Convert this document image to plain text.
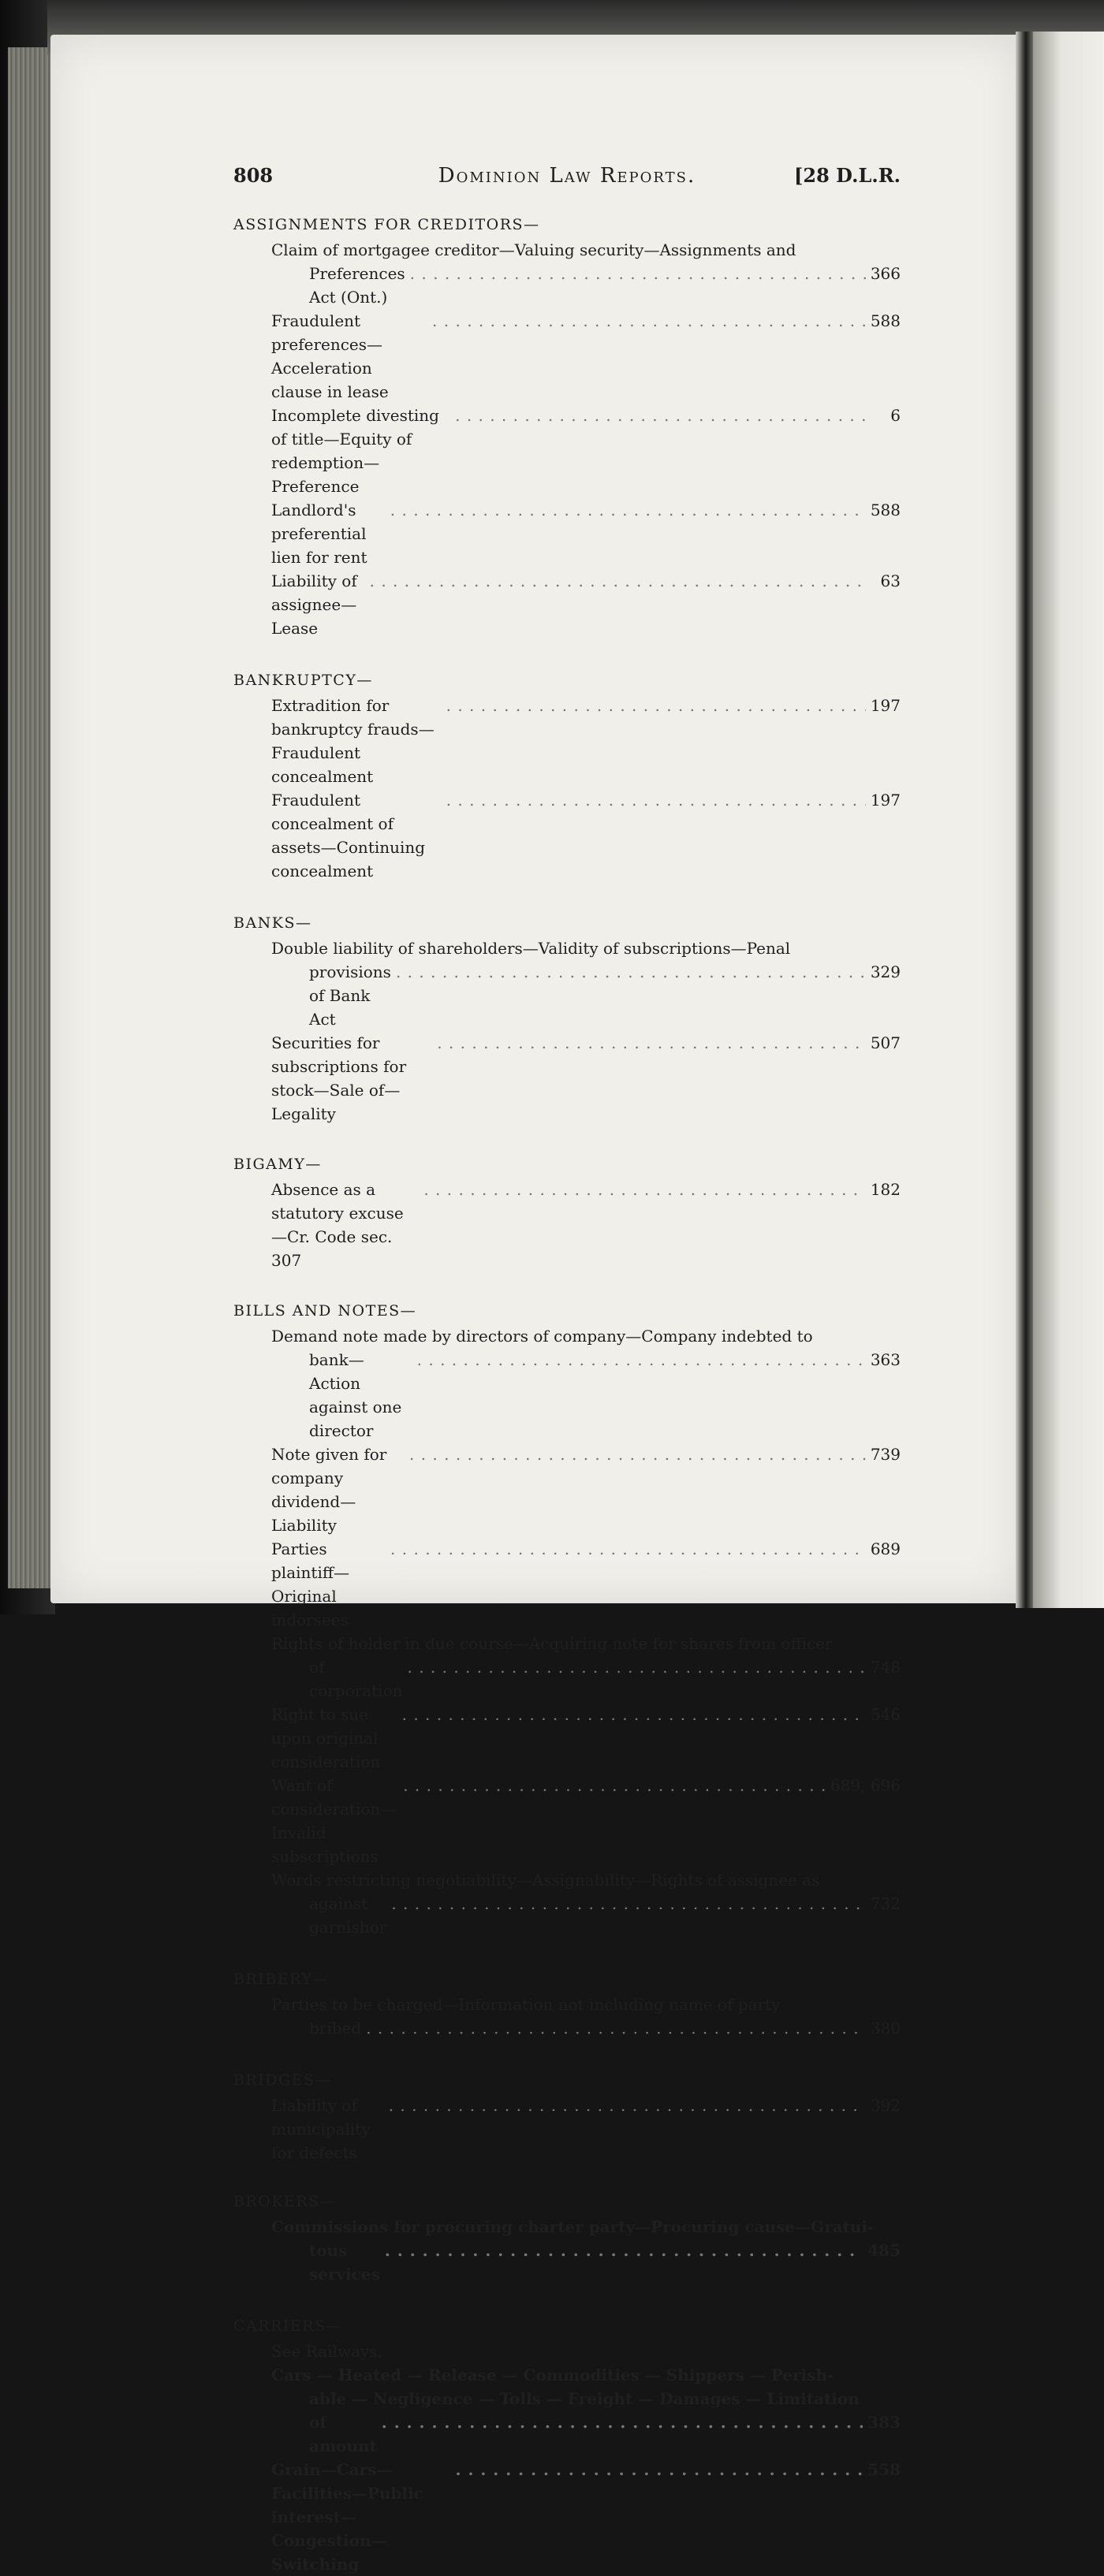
808	Dominion Law Reports.	[28 D.L.R.
ASSIGNMENTS FOR CREDITORS—
Claim of mortgagee creditor—Valuing security—Assignments and
Preferences Act (Ont.)
. . .
366
Fraudulent preferences—Acceleration clause in lease
. . .
588
Incomplete divesting of title—Equity of redemption—Preference
. . .
6
Landlord's preferential lien for rent
. . .
588
Liability of assignee—Lease
. . .
63
BANKRUPTCY—
Extradition for bankruptcy frauds—Fraudulent concealment
. . .
197
Fraudulent concealment of assets—Continuing concealment
. . .
197
BANKS—
Double liability of shareholders—Validity of subscriptions—Penal
provisions of Bank Act
. . .
329
Securities for subscriptions for stock—Sale of—Legality
. . .
507
BIGAMY—
Absence as a statutory excuse—Cr. Code sec. 307
. . .
182
BILLS AND NOTES—
Demand note made by directors of company—Company indebted to
bank—Action against one director
. . .
363
Note given for company dividend—Liability
. . .
739
Parties plaintiff—Original indorsees
. . .
689
Rights of holder in due course—Acquiring note for shares from officer
of corporation
. . .
748
Right to sue upon original consideration
. . .
546
Want of consideration—Invalid subscriptions
. . .
689, 696
Words restricting negotiability—Assignability—Rights of assignee as
against garnishor
. . .
732
BRIBERY—
Parties to be charged—Information not including name of party
bribed
. . .	380
BRIDGES—
Liability of municipality for defects
. . .
392
BROKERS—
Commissions for procuring charter party—Procuring cause—Gratui-
tous services
. . .
485
CARRIERS—
See Railways.
Cars — Heated — Release — Commodities — Shippers — Perish-
able — Negligence — Tolls — Freight — Damages — Limitation
of amount
. . .
383
Grain—Cars—Facilities—Public interest—Congestion—Switching
. . .
558
